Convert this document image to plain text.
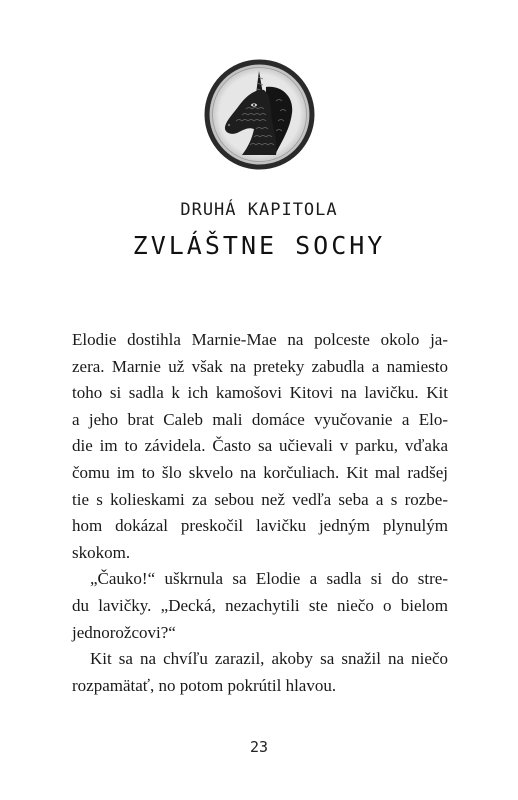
DRUHÁ KAPITOLA
ZVLÁŠTNE SOCHY
Elodie dostihla Marnie-Mae na polceste okolo ja-
zera. Marnie už však na preteky zabudla a namiesto
toho si sadla k ich kamošovi Kitovi na lavičku. Kit
a jeho brat Caleb mali domáce vyučovanie a Elo-
die im to závidela. Často sa učievali v parku, vďaka
čomu im to šlo skvelo na korčuliach. Kit mal radšej
tie s kolieskami za sebou než vedľa seba a s rozbe-
hom dokázal preskočil lavičku jedným plynulým
skokom.
„Čauko!“ uškrnula sa Elodie a sadla si do stre-
du lavičky. „Decká, nezachytili ste niečo o bielom
jednorožcovi?“
Kit sa na chvíľu zarazil, akoby sa snažil na niečo
rozpamätať, no potom pokrútil hlavou.
23
